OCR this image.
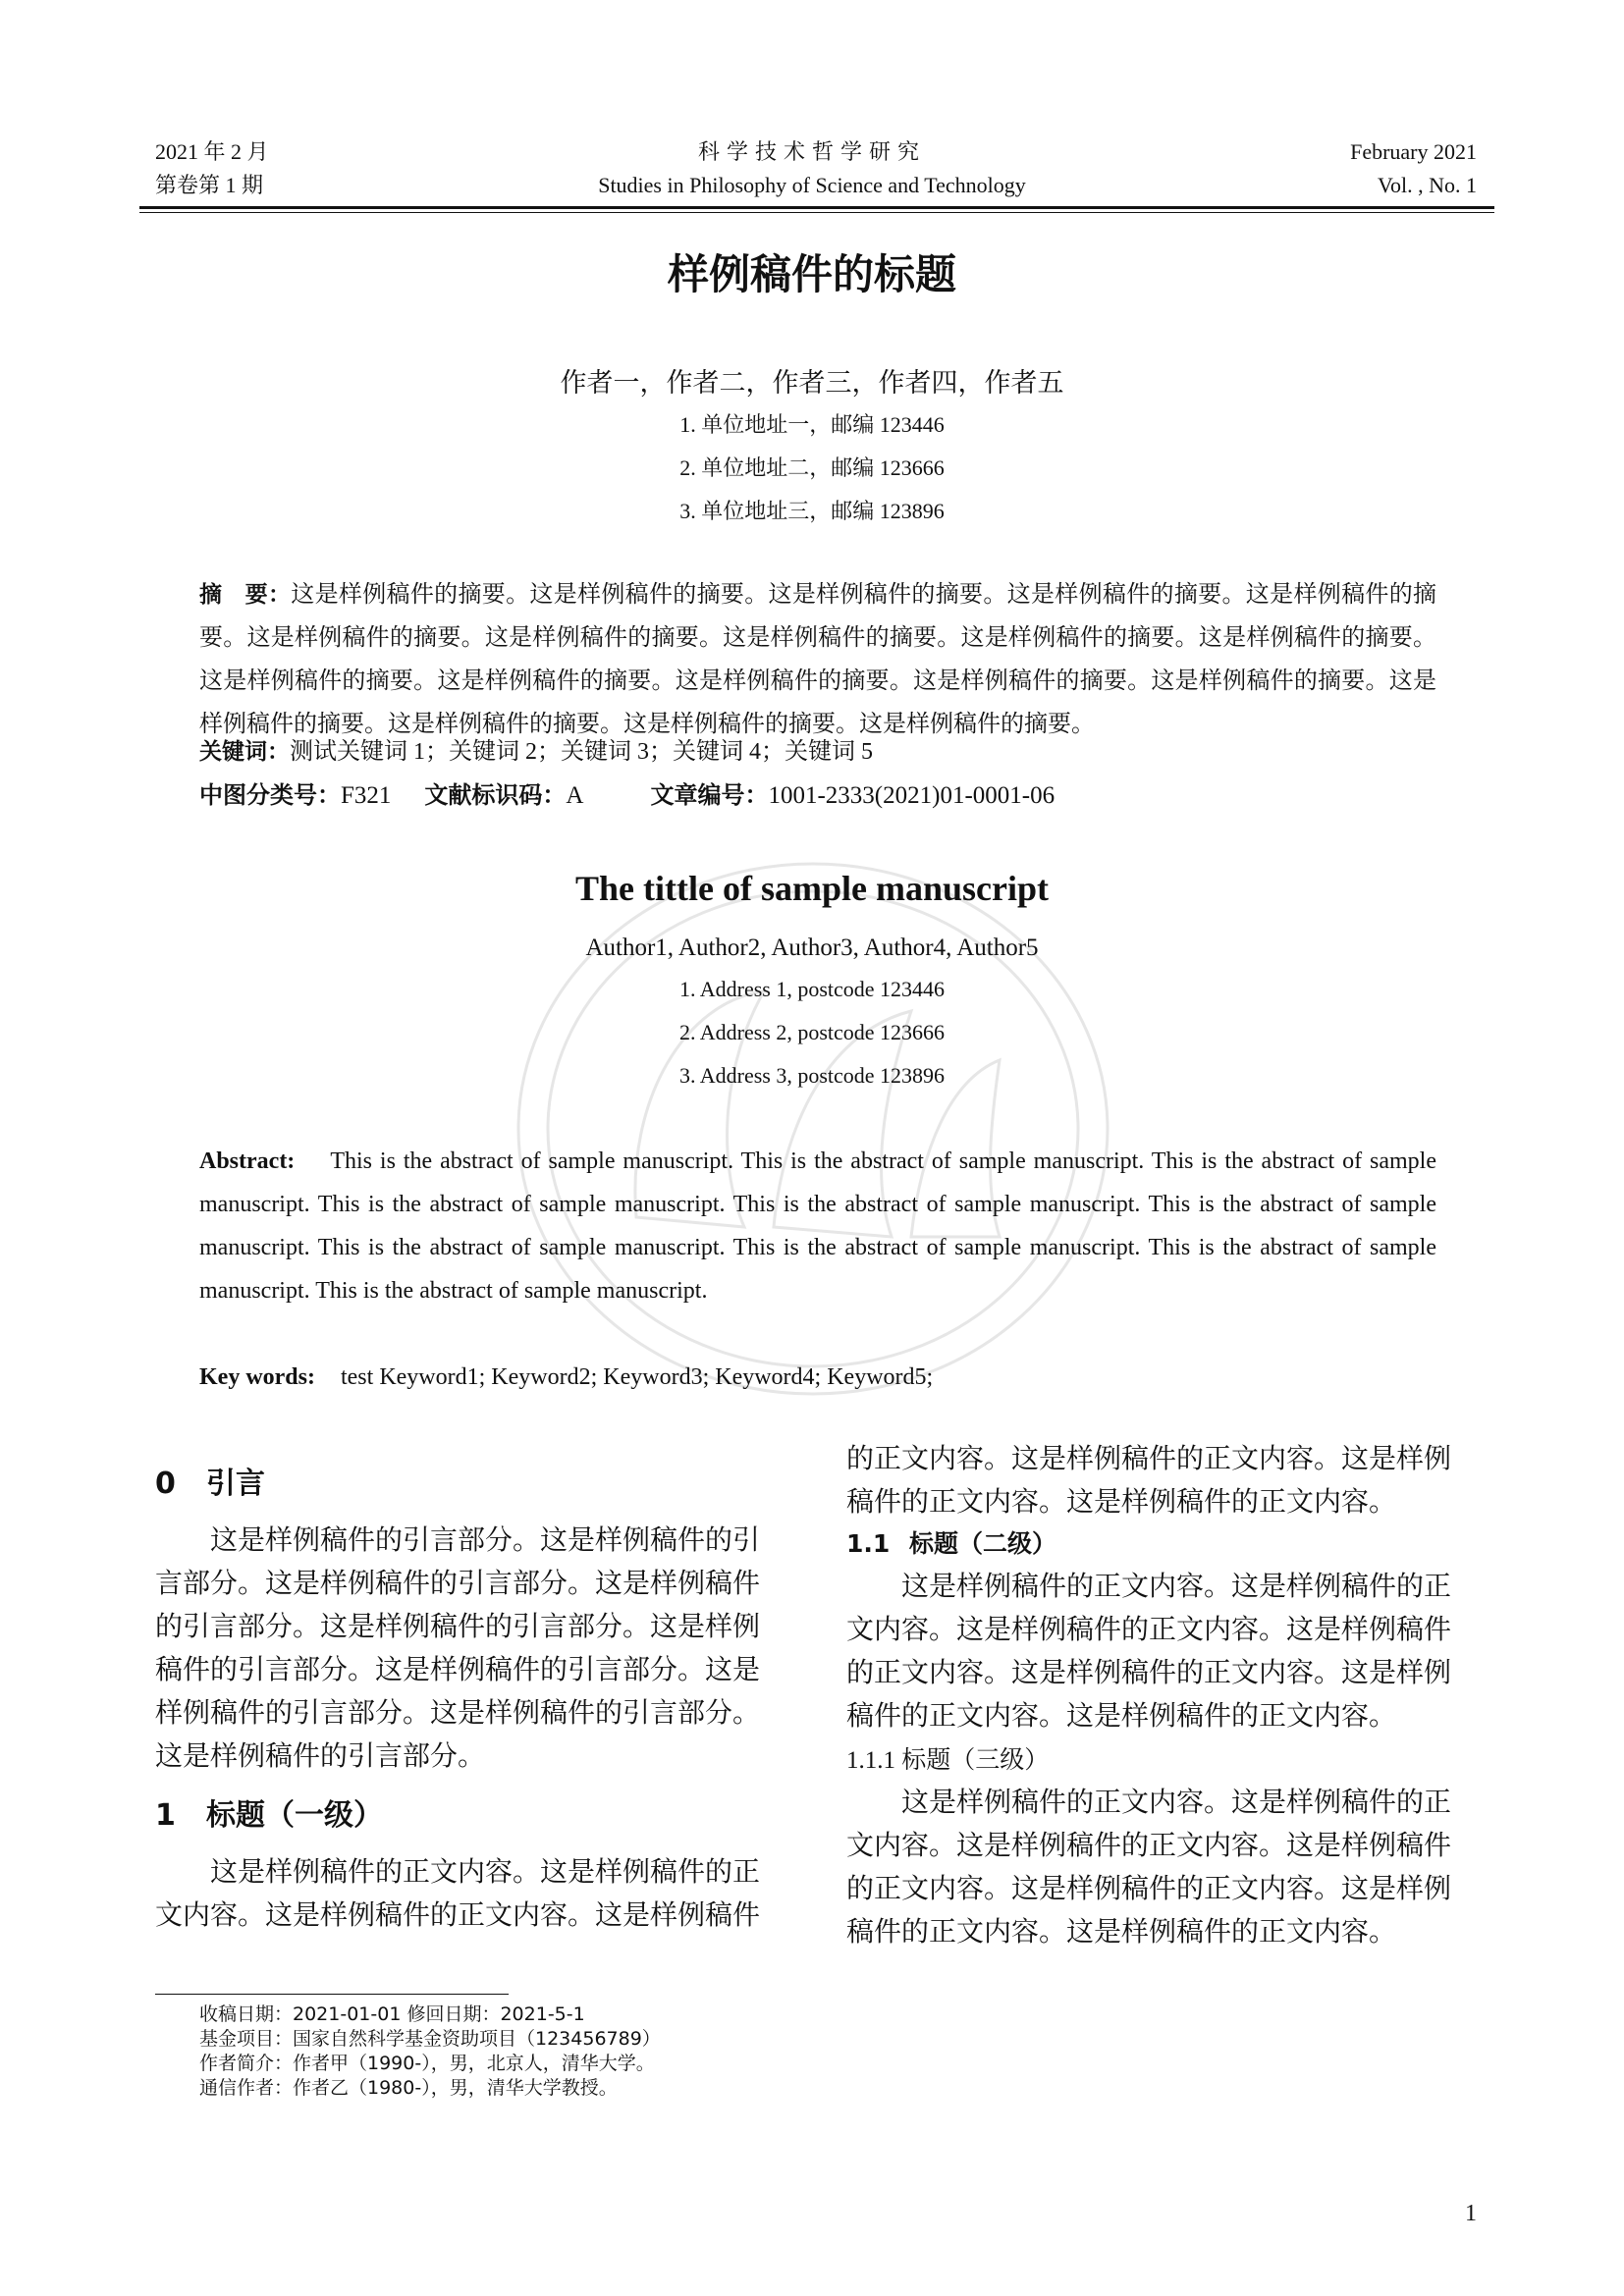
2021 年 2 月
第卷第 1 期
科学技术哲学研究
Studies in Philosophy of Science and Technology
February 2021
Vol. , No. 1
样例稿件的标题
作者一，作者二，作者三，作者四，作者五
1. 单位地址一，邮编 123446
2. 单位地址二，邮编 123666
3. 单位地址三，邮编 123896
摘　要：这是样例稿件的摘要。这是样例稿件的摘要。这是样例稿件的摘要。这是样例稿件的摘要。这是样例稿件的摘要。这是样例稿件的摘要。这是样例稿件的摘要。这是样例稿件的摘要。这是样例稿件的摘要。这是样例稿件的摘要。这是样例稿件的摘要。这是样例稿件的摘要。这是样例稿件的摘要。这是样例稿件的摘要。这是样例稿件的摘要。这是样例稿件的摘要。这是样例稿件的摘要。这是样例稿件的摘要。这是样例稿件的摘要。
关键词：测试关键词 1；关键词 2；关键词 3；关键词 4；关键词 5
中图分类号：F321 文献标识码：A	文章编号：1001-2333(2021)01-0001-06
The tittle of sample manuscript
Author1, Author2, Author3, Author4, Author5
1. Address 1, postcode 123446
2. Address 2, postcode 123666
3. Address 3, postcode 123896
Abstract: This is the abstract of sample manuscript. This is the abstract of sample manuscript. This is the abstract of sample manuscript. This is the abstract of sample manuscript. This is the abstract of sample manuscript. This is the abstract of sample manuscript. This is the abstract of sample manuscript. This is the abstract of sample manuscript. This is the abstract of sample manuscript. This is the abstract of sample manuscript.
Key words: test Keyword1; Keyword2; Keyword3; Keyword4; Keyword5;
0 引言

这是样例稿件的引言部分。这是样例稿件的引

言部分。这是样例稿件的引言部分。这是样例稿件

的引言部分。这是样例稿件的引言部分。这是样例

稿件的引言部分。这是样例稿件的引言部分。这是

样例稿件的引言部分。这是样例稿件的引言部分。

这是样例稿件的引言部分。

1 标题（一级）

这是样例稿件的正文内容。这是样例稿件的正

文内容。这是样例稿件的正文内容。这是样例稿件

的正文内容。这是样例稿件的正文内容。这是样例

稿件的正文内容。这是样例稿件的正文内容。

1.1 标题（二级）

这是样例稿件的正文内容。这是样例稿件的正

文内容。这是样例稿件的正文内容。这是样例稿件

的正文内容。这是样例稿件的正文内容。这是样例

稿件的正文内容。这是样例稿件的正文内容。

1.1.1 标题（三级）

这是样例稿件的正文内容。这是样例稿件的正

文内容。这是样例稿件的正文内容。这是样例稿件

的正文内容。这是样例稿件的正文内容。这是样例

稿件的正文内容。这是样例稿件的正文内容。

收稿日期：2021-01-01 修回日期：2021-5-1
基金项目：国家自然科学基金资助项目（123456789）
作者简介：作者甲（1990-），男，北京人，清华大学。
通信作者：作者乙（1980-），男，清华大学教授。
1
